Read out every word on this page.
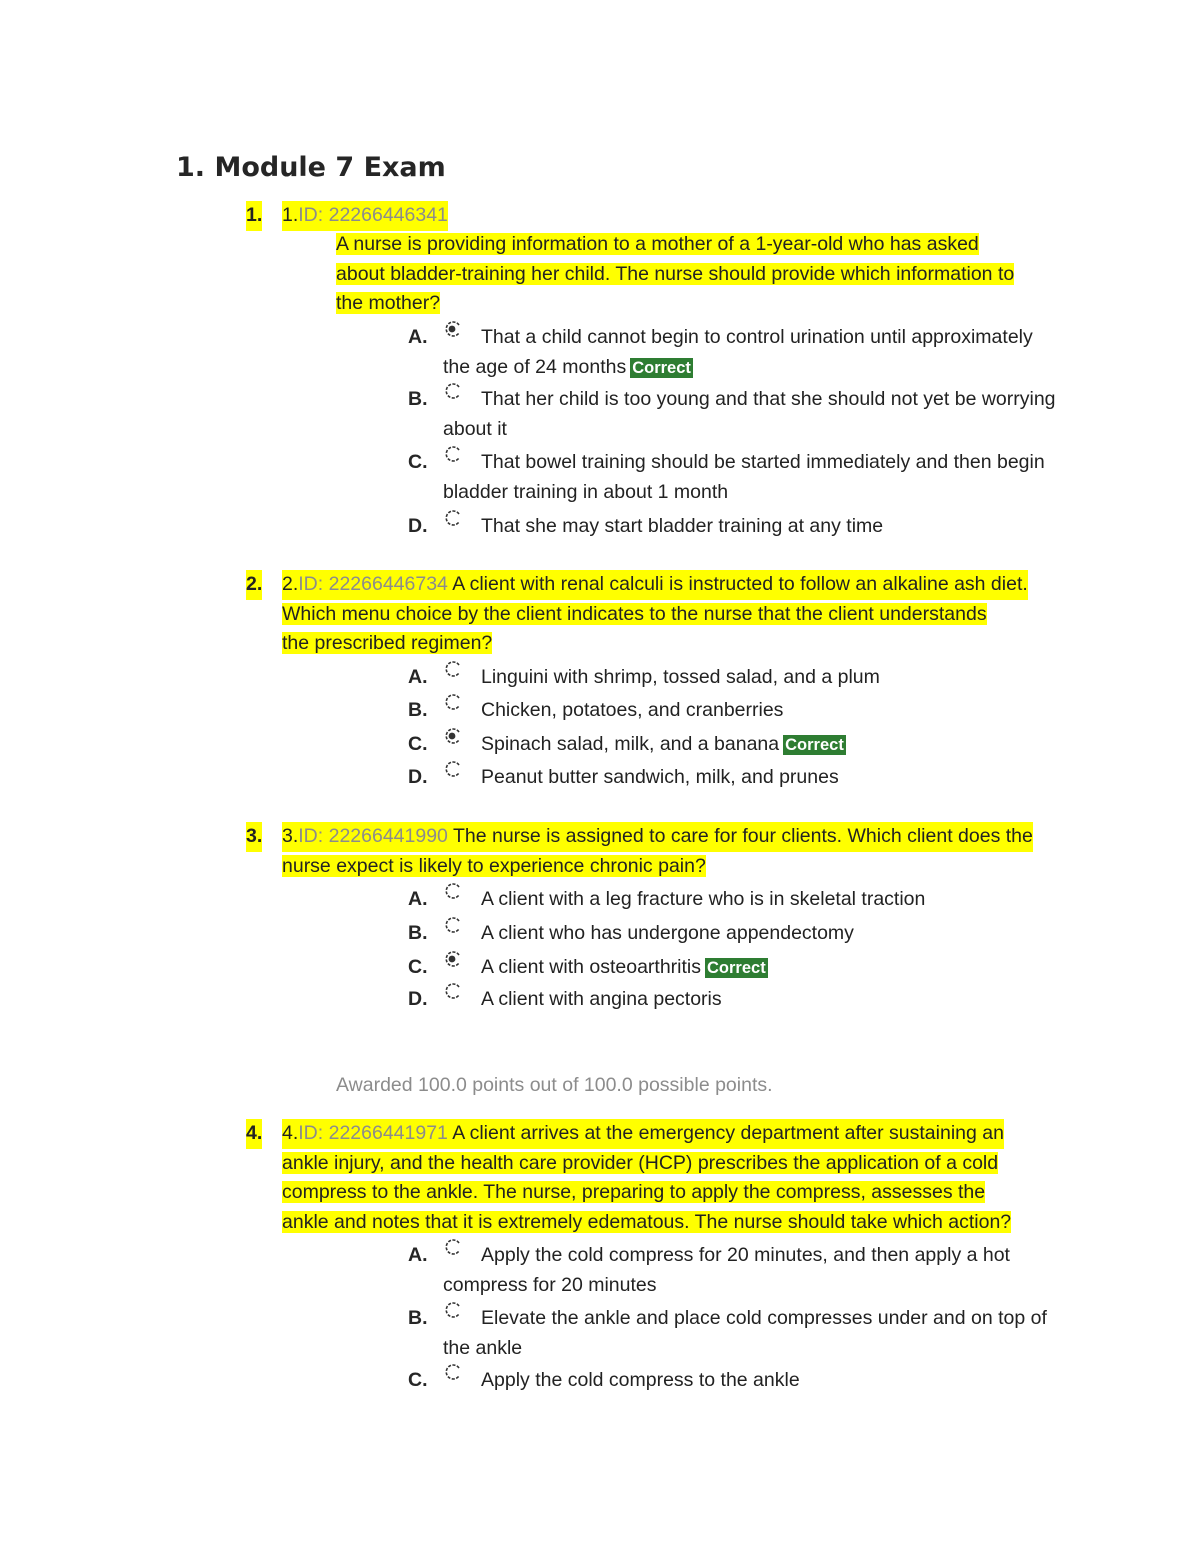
1. Module 7 Exam
1. 1.ID: 22266446341
A nurse is providing information to a mother of a 1-year-old who has asked
about bladder-training her child. The nurse should provide which information to
the mother?
A.	That a child cannot begin to control urination until approximately the age of 24 months Correct
B.	That her child is too young and that she should not yet be worrying about it
C.	That bowel training should be started immediately and then begin bladder training in about 1 month
D.	That she may start bladder training at any time
2. 2.ID: 22266446734 A client with renal calculi is instructed to follow an alkaline ash diet.
Which menu choice by the client indicates to the nurse that the client understands
the prescribed regimen?
A.	Linguini with shrimp, tossed salad, and a plum
B.	Chicken, potatoes, and cranberries
C.	Spinach salad, milk, and a banana Correct
D.	Peanut butter sandwich, milk, and prunes
3. 3.ID: 22266441990 The nurse is assigned to care for four clients. Which client does the
nurse expect is likely to experience chronic pain?
A.	A client with a leg fracture who is in skeletal traction
B.	A client who has undergone appendectomy
C.	A client with osteoarthritis Correct
D.	A client with angina pectoris
Awarded 100.0 points out of 100.0 possible points.
4. 4.ID: 22266441971 A client arrives at the emergency department after sustaining an
ankle injury, and the health care provider (HCP) prescribes the application of a cold
compress to the ankle. The nurse, preparing to apply the compress, assesses the
ankle and notes that it is extremely edematous. The nurse should take which action?
A.	Apply the cold compress for 20 minutes, and then apply a hot compress for 20 minutes
B.	Elevate the ankle and place cold compresses under and on top of the ankle
C.	Apply the cold compress to the ankle
